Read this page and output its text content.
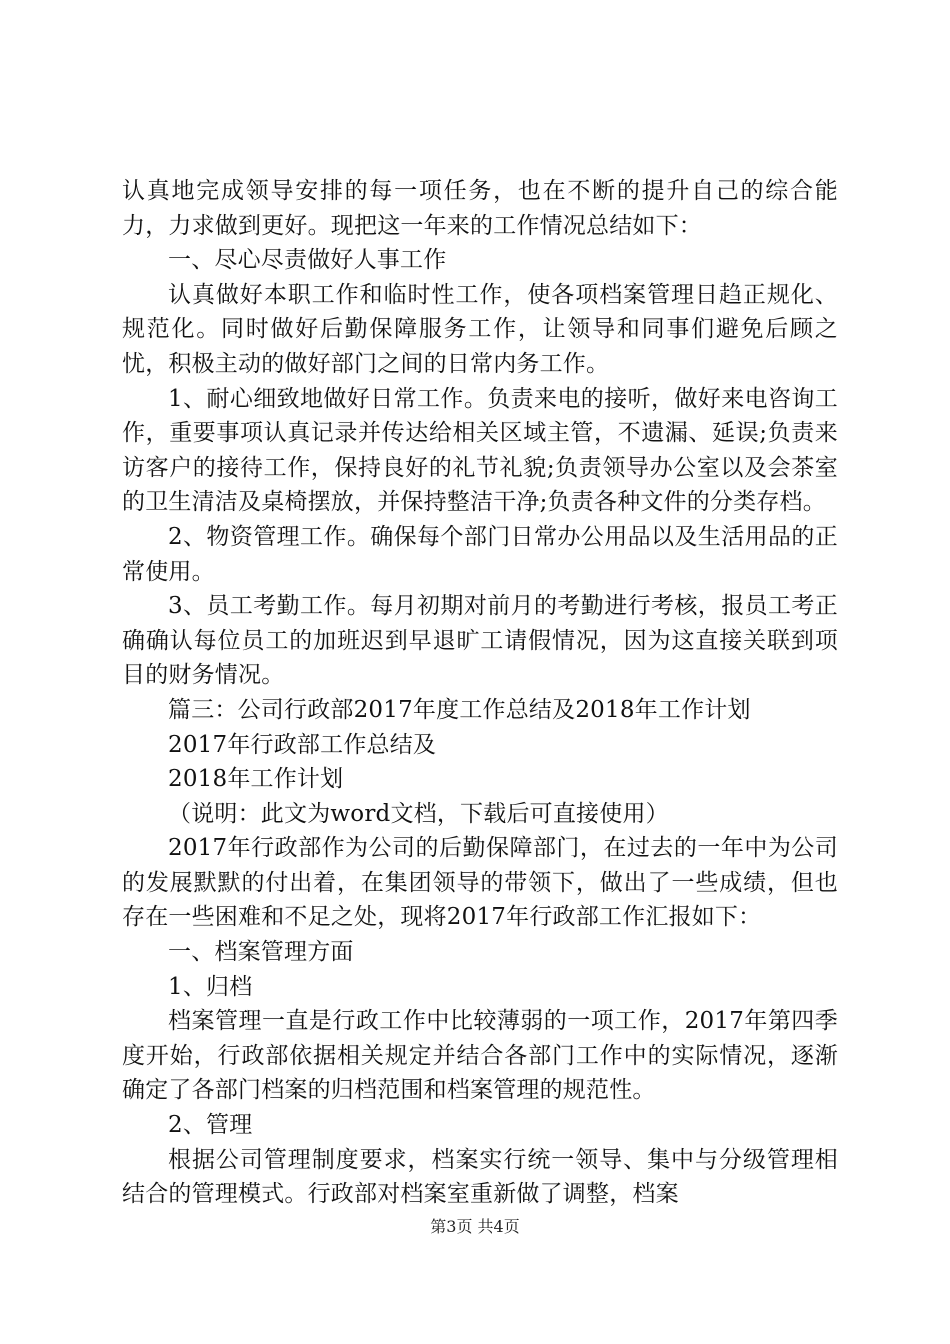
认真地完成领导安排的每一项任务，也在不断的提升自己的综合能力，力求做到更好。现把这一年来的工作情况总结如下：

一、尽心尽责做好人事工作

认真做好本职工作和临时性工作，使各项档案管理日趋正规化、规范化。同时做好后勤保障服务工作，让领导和同事们避免后顾之忧，积极主动的做好部门之间的日常内务工作。

1、耐心细致地做好日常工作。负责来电的接听，做好来电咨询工作，重要事项认真记录并传达给相关区域主管，不遗漏、延误;负责来访客户的接待工作，保持良好的礼节礼貌;负责领导办公室以及会茶室的卫生清洁及桌椅摆放，并保持整洁干净;负责各种文件的分类存档。

2、物资管理工作。确保每个部门日常办公用品以及生活用品的正常使用。

3、员工考勤工作。每月初期对前月的考勤进行考核，报员工考正确确认每位员工的加班迟到早退旷工请假情况，因为这直接关联到项目的财务情况。

篇三：公司行政部2017年度工作总结及2018年工作计划

2017年行政部工作总结及

2018年工作计划

（说明：此文为word文档，下载后可直接使用）

2017年行政部作为公司的后勤保障部门，在过去的一年中为公司的发展默默的付出着，在集团领导的带领下，做出了一些成绩，但也存在一些困难和不足之处，现将2017年行政部工作汇报如下：

一、档案管理方面

1、归档

档案管理一直是行政工作中比较薄弱的一项工作，2017年第四季度开始，行政部依据相关规定并结合各部门工作中的实际情况，逐渐确定了各部门档案的归档范围和档案管理的规范性。

2、管理

根据公司管理制度要求，档案实行统一领导、集中与分级管理相结合的管理模式。行政部对档案室重新做了调整，档案

第3页 共4页
